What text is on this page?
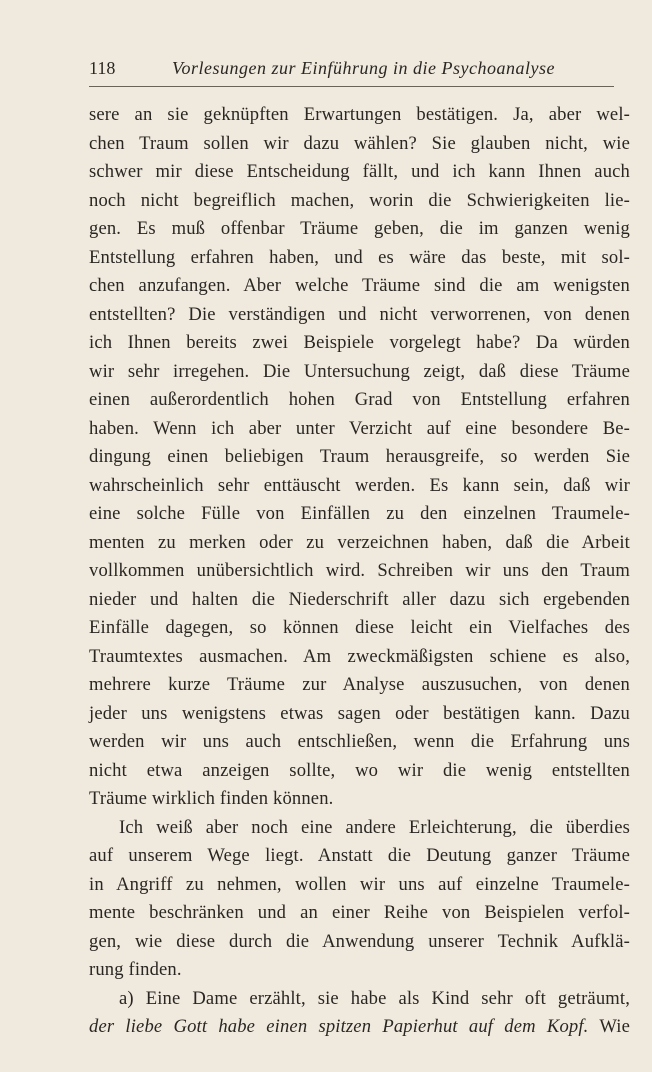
118	Vorlesungen zur Einführung in die Psychoanalyse
sere an sie geknüpften Erwartungen bestätigen. Ja, aber wel-
chen Traum sollen wir dazu wählen? Sie glauben nicht, wie
schwer mir diese Entscheidung fällt, und ich kann Ihnen auch
noch nicht begreiflich machen, worin die Schwierigkeiten lie-
gen. Es muß offenbar Träume geben, die im ganzen wenig
Entstellung erfahren haben, und es wäre das beste, mit sol-
chen anzufangen. Aber welche Träume sind die am wenigsten
entstellten? Die verständigen und nicht verworrenen, von denen
ich Ihnen bereits zwei Beispiele vorgelegt habe? Da würden
wir sehr irregehen. Die Untersuchung zeigt, daß diese Träume
einen außerordentlich hohen Grad von Entstellung erfahren
haben. Wenn ich aber unter Verzicht auf eine besondere Be-
dingung einen beliebigen Traum herausgreife, so werden Sie
wahrscheinlich sehr enttäuscht werden. Es kann sein, daß wir
eine solche Fülle von Einfällen zu den einzelnen Traumele-
menten zu merken oder zu verzeichnen haben, daß die Arbeit
vollkommen unübersichtlich wird. Schreiben wir uns den Traum
nieder und halten die Niederschrift aller dazu sich ergebenden
Einfälle dagegen, so können diese leicht ein Vielfaches des
Traumtextes ausmachen. Am zweckmäßigsten schiene es also,
mehrere kurze Träume zur Analyse auszusuchen, von denen
jeder uns wenigstens etwas sagen oder bestätigen kann. Dazu
werden wir uns auch entschließen, wenn die Erfahrung uns
nicht etwa anzeigen sollte, wo wir die wenig entstellten
Träume wirklich finden können.
Ich weiß aber noch eine andere Erleichterung, die überdies
auf unserem Wege liegt. Anstatt die Deutung ganzer Träume
in Angriff zu nehmen, wollen wir uns auf einzelne Traumele-
mente beschränken und an einer Reihe von Beispielen verfol-
gen, wie diese durch die Anwendung unserer Technik Aufklä-
rung finden.
a) Eine Dame erzählt, sie habe als Kind sehr oft geträumt,
der liebe Gott habe einen spitzen Papierhut auf dem Kopf. Wie
